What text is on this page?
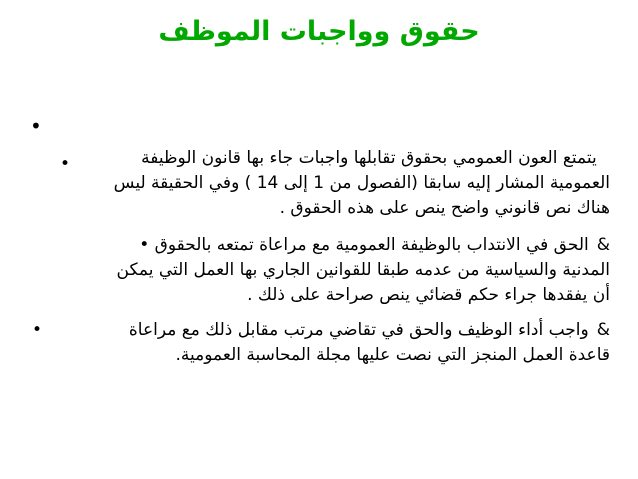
حقوق وواجبات الموظف
•
يتمتع العون العمومي بحقوق تقابلها واجبات جاء بها قانون الوظيفة
العمومية المشار إليه سابقا (الفصول من 1 إلى 14 ) وفي الحقيقة ليس
هناك نص قانوني واضح ينص على هذه الحقوق .
•
&الحق في الانتداب بالوظيفة العمومية مع مراعاة تمتعه بالحقوق •
المدنية والسياسية من عدمه طبقا للقوانين الجاري بها العمل التي يمكن
أن يفقدها جراء حكم قضائي ينص صراحة على ذلك .
&واجب أداء الوظيف والحق في تقاضي مرتب مقابل ذلك مع مراعاة
قاعدة العمل المنجز التي نصت عليها مجلة المحاسبة العمومية.
•
